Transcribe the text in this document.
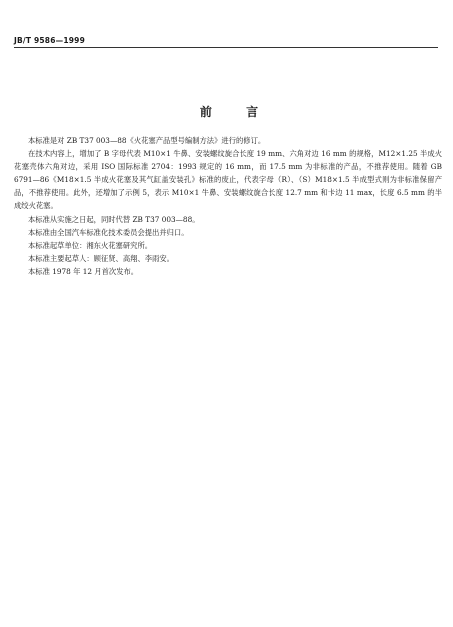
JB/T 9586—1999
前 言

本标准是对 ZB T37 003—88《火花塞产品型号编制方法》进行的修订。

在技术内容上，增加了 B 字母代表 M10×1 牛鼻、安装螺纹旋合长度 19 mm、六角对边 16 mm 的规格，M12×1.25 半成火花塞壳体六角对边，采用 ISO 国际标准 2704：1993 规定的 16 mm，而 17.5 mm 为非标准的产品，不推荐使用。随着 GB 6791—86《M18×1.5 半成火花塞及其气缸盖安装孔》标准的废止，代表字母（R）、（S）M18×1.5 半成型式则为非标准保留产品，不推荐使用。此外，还增加了示例 5，表示 M10×1 牛鼻、安装螺纹旋合长度 12.7 mm 和卡边 11 max，长度 6.5 mm 的半成绞火花塞。

本标准从实施之日起，同时代替 ZB T37 003—88。

本标准由全国汽车标准化技术委员会提出并归口。

本标准起草单位：湘东火花塞研究所。

本标准主要起草人：顾征贤、高翔、李雨安。

本标准 1978 年 12 月首次发布。
